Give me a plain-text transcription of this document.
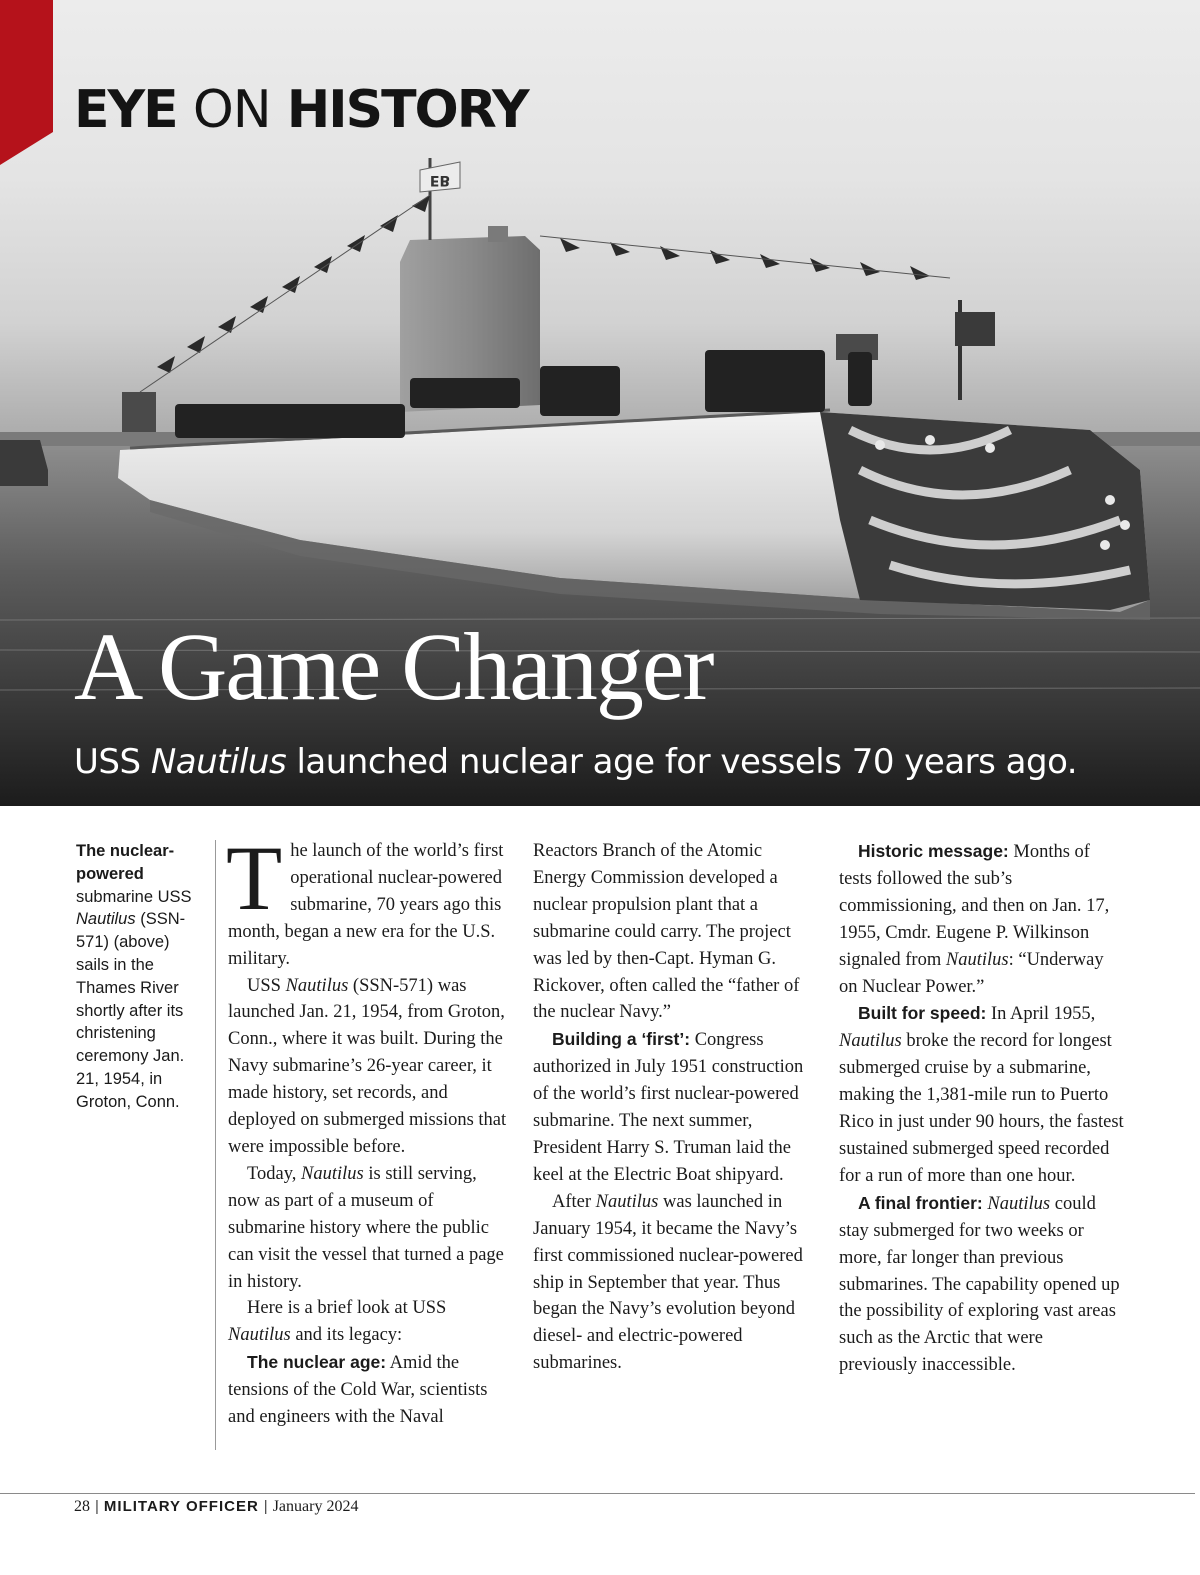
EB
EYE ON HISTORY
A Game Changer

USS Nautilus launched nuclear age for vessels 70 years ago.

The nuclear-powered submarine USS Nautilus (SSN-571) (above) sails in the Thames River shortly after its christening ceremony Jan. 21, 1954, in Groton, Conn.

The launch of the world’s first operational nuclear-powered submarine, 70 years ago this month, began a new era for the U.S. military.

USS Nautilus (SSN-571) was launched Jan. 21, 1954, from Groton, Conn., where it was built. During the Navy submarine’s 26-year career, it made history, set records, and deployed on submerged missions that were impossible before.

Today, Nautilus is still serving, now as part of a museum of submarine history where the public can visit the vessel that turned a page in history.

Here is a brief look at USS Nautilus and its legacy:

The nuclear age: Amid the tensions of the Cold War, scientists and engineers with the Naval

Reactors Branch of the Atomic Energy Commission developed a nuclear propulsion plant that a submarine could carry. The project was led by then-Capt. Hyman G. Rickover, often called the “father of the nuclear Navy.”

Building a ‘first’: Congress authorized in July 1951 construction of the world’s first nuclear-powered submarine. The next summer, President Harry S. Truman laid the keel at the Electric Boat shipyard.

After Nautilus was launched in January 1954, it became the Navy’s first commissioned nuclear-powered ship in September that year. Thus began the Navy’s evolution beyond diesel- and electric-powered submarines.

Historic message: Months of tests followed the sub’s commissioning, and then on Jan. 17, 1955, Cmdr. Eugene P. Wilkinson signaled from Nautilus: “Underway on Nuclear Power.”

Built for speed: In April 1955, Nautilus broke the record for longest submerged cruise by a submarine, making the 1,381-mile run to Puerto Rico in just under 90 hours, the fastest sustained submerged speed recorded for a run of more than one hour.

A final frontier: Nautilus could stay submerged for two weeks or more, far longer than previous submarines. The capability opened up the possibility of exploring vast areas such as the Arctic that were previously inaccessible.

28 | MILITARY OFFICER | January 2024
